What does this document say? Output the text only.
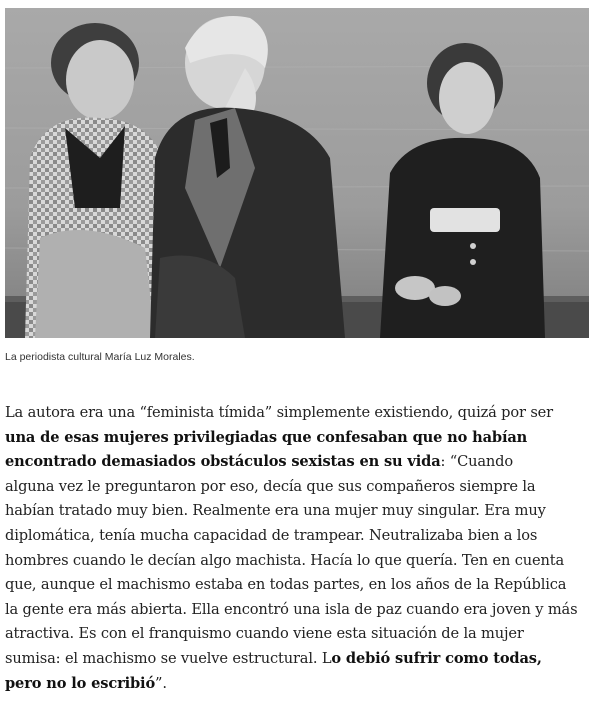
La periodista cultural María Luz Morales.
La autora era una “feminista tímida” simplemente existiendo, quizá por ser
una de esas mujeres privilegiadas que confesaban que no habían
encontrado demasiados obstáculos sexistas en su vida: “Cuando
alguna vez le preguntaron por eso, decía que sus compañeros siempre la
habían tratado muy bien. Realmente era una mujer muy singular. Era muy
diplomática, tenía mucha capacidad de trampear. Neutralizaba bien a los
hombres cuando le decían algo machista. Hacía lo que quería. Ten en cuenta
que, aunque el machismo estaba en todas partes, en los años de la República
la gente era más abierta. Ella encontró una isla de paz cuando era joven y más
atractiva. Es con el franquismo cuando viene esta situación de la mujer
sumisa: el machismo se vuelve estructural. Lo debió sufrir como todas,
pero no lo escribió”.
